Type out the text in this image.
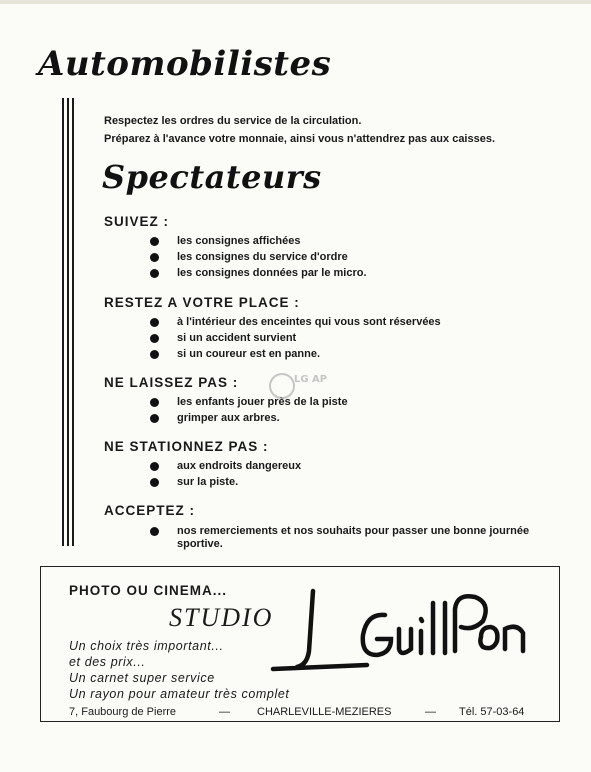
Automobilistes
Respectez les ordres du service de la circulation.
Préparez à l'avance votre monnaie, ainsi vous n'attendrez pas aux caisses.
Spectateurs
SUIVEZ :
les consignes affichées
les consignes du service d'ordre
les consignes données par le micro.
RESTEZ A VOTRE PLACE :
à l'intérieur des enceintes qui vous sont réservées
si un accident survient
si un coureur est en panne.
NE LAISSEZ PAS :
les enfants jouer près de la piste
grimper aux arbres.
NE STATIONNEZ PAS :
aux endroits dangereux
sur la piste.
ACCEPTEZ :
nos remerciements et nos souhaits pour passer une bonne journée
sportive.
LG AP
PHOTO OU CINEMA...
STUDIO
Un choix très important...
et des prix...
Un carnet super service
Un rayon pour amateur très complet
J. Guillon
7, Faubourg de Pierre	— CHARLEVILLE-MEZIERES	— Tél. 57-03-64
